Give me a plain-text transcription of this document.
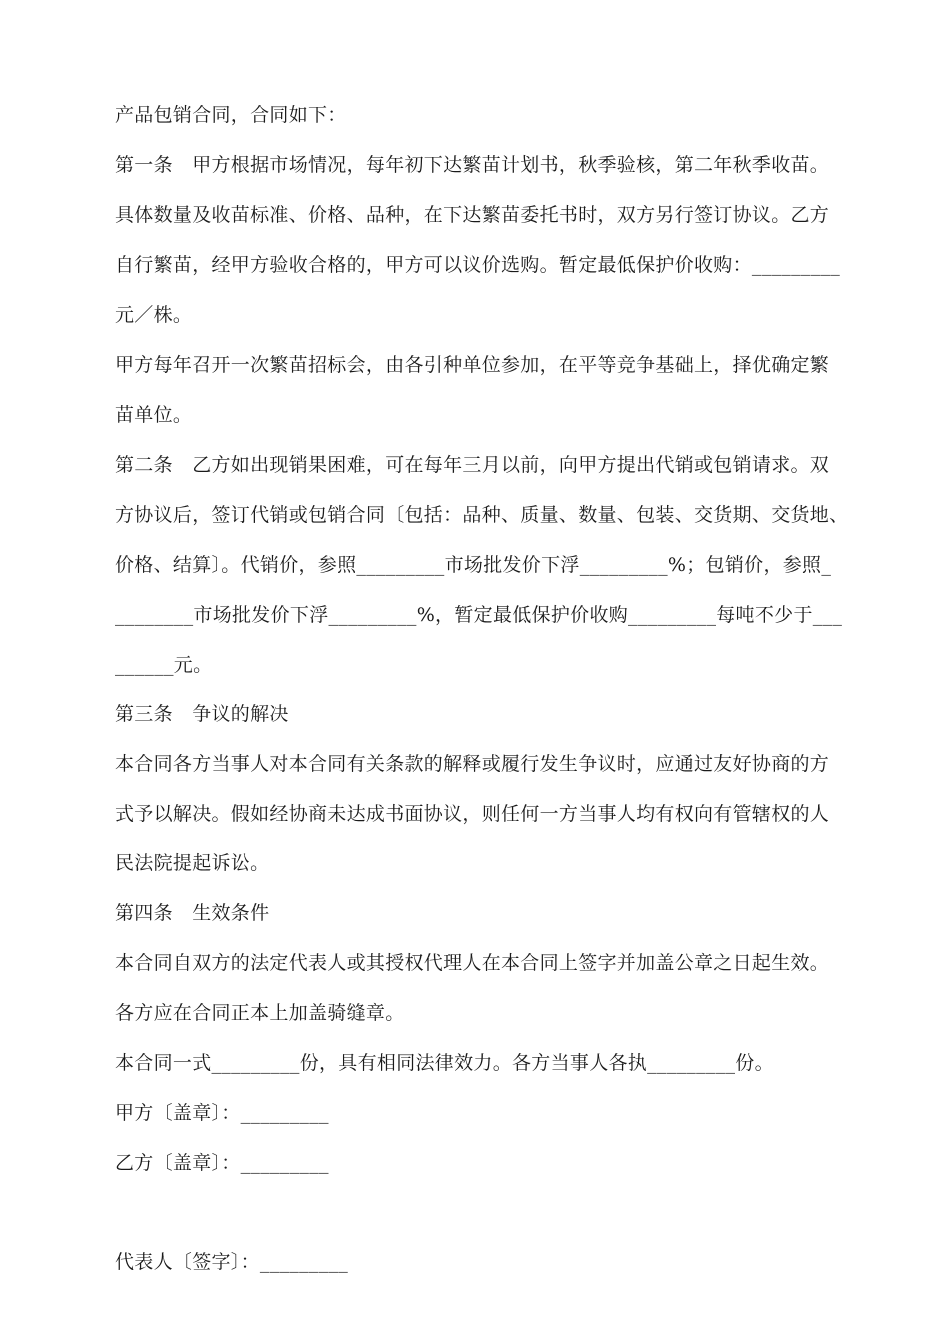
产品包销合同，合同如下：
第一条　甲方根据市场情况，每年初下达繁苗计划书，秋季验核，第二年秋季收苗。
具体数量及收苗标准、价格、品种，在下达繁苗委托书时，双方另行签订协议。乙方
自行繁苗，经甲方验收合格的，甲方可以议价选购。暂定最低保护价收购：_________
元／株。
甲方每年召开一次繁苗招标会，由各引种单位参加，在平等竞争基础上，择优确定繁
苗单位。
第二条　乙方如出现销果困难，可在每年三月以前，向甲方提出代销或包销请求。双
方协议后，签订代销或包销合同〔包括：品种、质量、数量、包装、交货期、交货地、
价格、结算〕。代销价，参照_________市场批发价下浮_________%；包销价，参照_
________市场批发价下浮_________%，暂定最低保护价收购_________每吨不少于___
______元。
第三条　争议的解决
本合同各方当事人对本合同有关条款的解释或履行发生争议时，应通过友好协商的方
式予以解决。假如经协商未达成书面协议，则任何一方当事人均有权向有管辖权的人
民法院提起诉讼。
第四条　生效条件
本合同自双方的法定代表人或其授权代理人在本合同上签字并加盖公章之日起生效。
各方应在合同正本上加盖骑缝章。
本合同一式_________份，具有相同法律效力。各方当事人各执_________份。
甲方〔盖章〕：_________
乙方〔盖章〕：_________
代表人〔签字〕：_________
